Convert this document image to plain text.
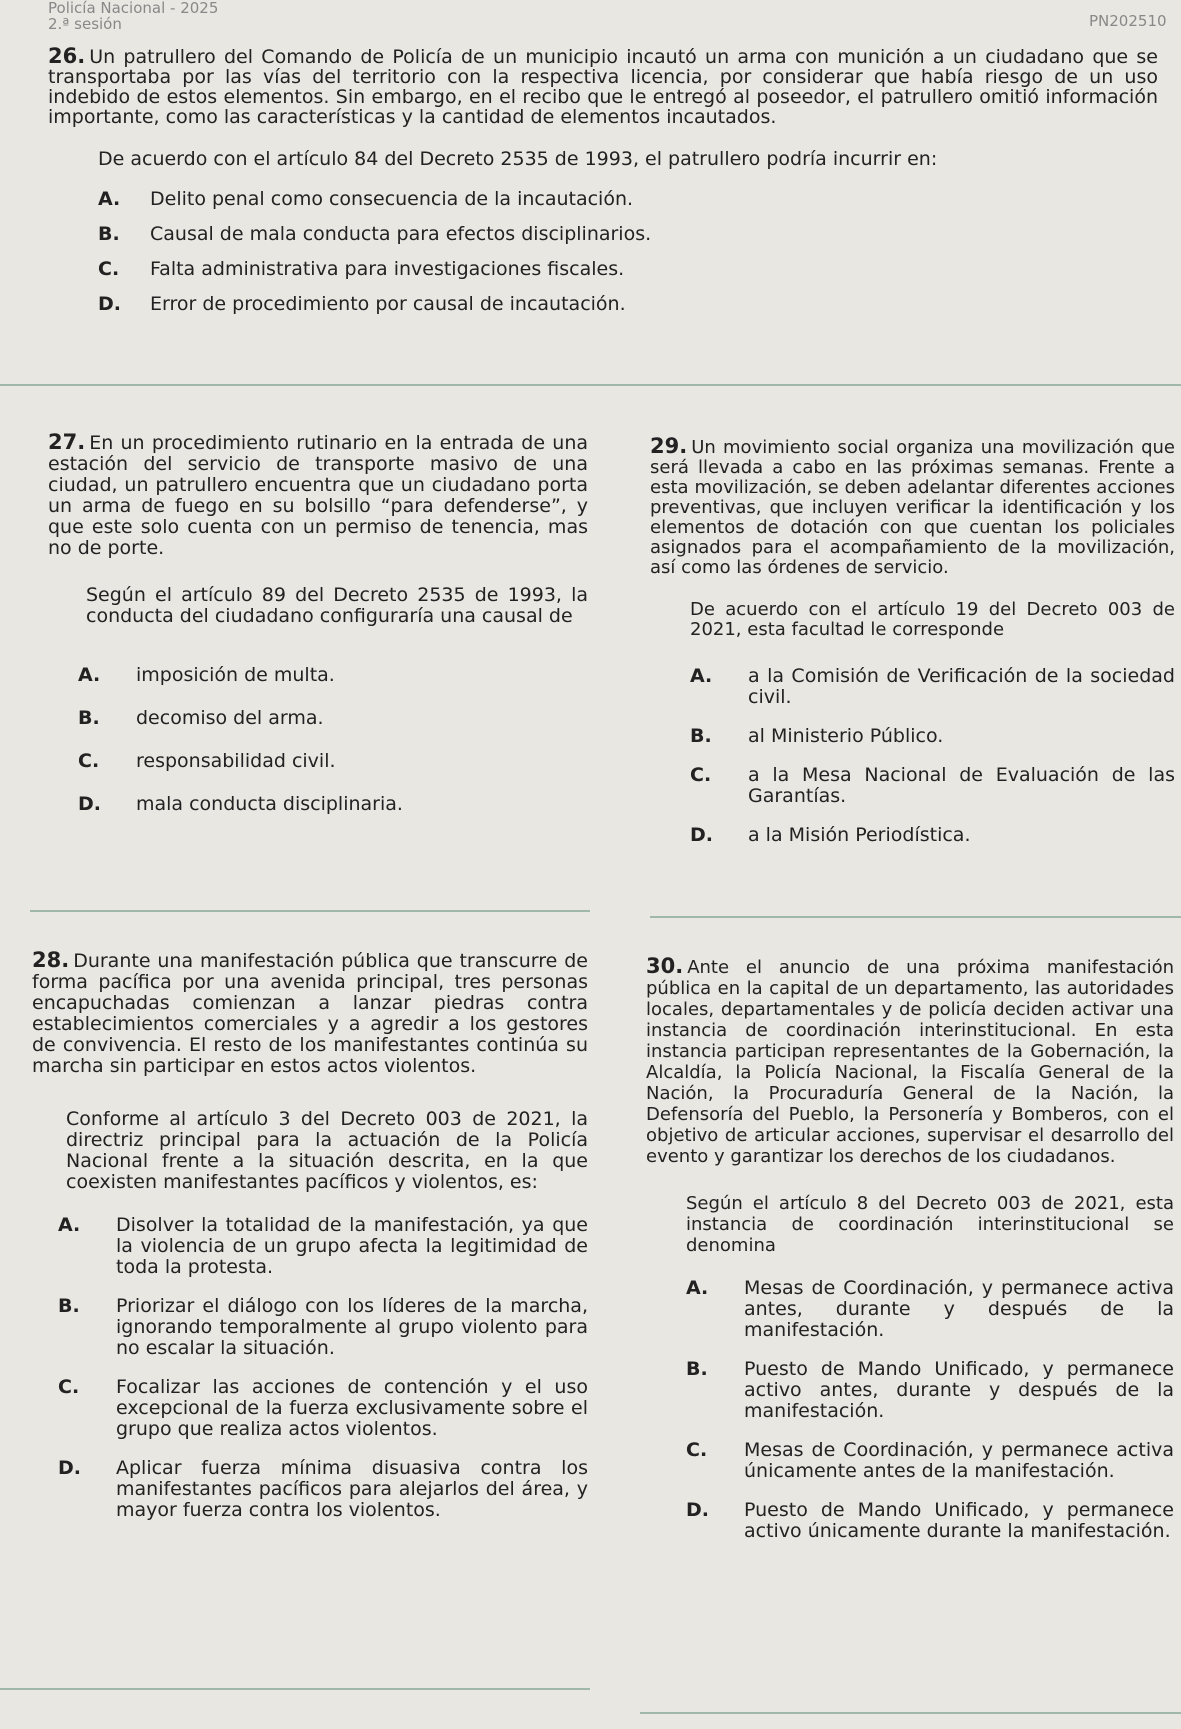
Policía Nacional - 2025
2.ª sesión	PN202510

26. Un patrullero del Comando de Policía de un municipio incautó un arma con munición a un ciudadano que se transportaba por las vías del territorio con la respectiva licencia, por considerar que había riesgo de un uso indebido de estos elementos. Sin embargo, en el recibo que le entregó al poseedor, el patrullero omitió información importante, como las características y la cantidad de elementos incautados.

De acuerdo con el artículo 84 del Decreto 2535 de 1993, el patrullero podría incurrir en:

A.	Delito penal como consecuencia de la incautación.
B.	Causal de mala conducta para efectos disciplinarios.
C.	Falta administrativa para investigaciones fiscales.
D.	Error de procedimiento por causal de incautación.

27. En un procedimiento rutinario en la entrada de una estación del servicio de transporte masivo de una ciudad, un patrullero encuentra que un ciudadano porta un arma de fuego en su bolsillo “para defenderse”, y que este solo cuenta con un permiso de tenencia, mas no de porte.

Según el artículo 89 del Decreto 2535 de 1993, la conducta del ciudadano configuraría una causal de

A.	imposición de multa.
B.	decomiso del arma.
C.	responsabilidad civil.
D.	mala conducta disciplinaria.

29. Un movimiento social organiza una movilización que será llevada a cabo en las próximas semanas. Frente a esta movilización, se deben adelantar diferentes acciones preventivas, que incluyen verificar la identificación y los elementos de dotación con que cuentan los policiales asignados para el acompañamiento de la movilización, así como las órdenes de servicio.

De acuerdo con el artículo 19 del Decreto 003 de 2021, esta facultad le corresponde

A.	a la Comisión de Verificación de la sociedad civil.
B.	al Ministerio Público.
C.	a la Mesa Nacional de Evaluación de las Garantías.
D.	a la Misión Periodística.

28. Durante una manifestación pública que transcurre de forma pacífica por una avenida principal, tres personas encapuchadas comienzan a lanzar piedras contra establecimientos comerciales y a agredir a los gestores de convivencia. El resto de los manifestantes continúa su marcha sin participar en estos actos violentos.

Conforme al artículo 3 del Decreto 003 de 2021, la directriz principal para la actuación de la Policía Nacional frente a la situación descrita, en la que coexisten manifestantes pacíficos y violentos, es:

A.	Disolver la totalidad de la manifestación, ya que la violencia de un grupo afecta la legitimidad de toda la protesta.
B.	Priorizar el diálogo con los líderes de la marcha, ignorando temporalmente al grupo violento para no escalar la situación.
C.	Focalizar las acciones de contención y el uso excepcional de la fuerza exclusivamente sobre el grupo que realiza actos violentos.
D.	Aplicar fuerza mínima disuasiva contra los manifestantes pacíficos para alejarlos del área, y mayor fuerza contra los violentos.

30. Ante el anuncio de una próxima manifestación pública en la capital de un departamento, las autoridades locales, departamentales y de policía deciden activar una instancia de coordinación interinstitucional. En esta instancia participan representantes de la Gobernación, la Alcaldía, la Policía Nacional, la Fiscalía General de la Nación, la Procuraduría General de la Nación, la Defensoría del Pueblo, la Personería y Bomberos, con el objetivo de articular acciones, supervisar el desarrollo del evento y garantizar los derechos de los ciudadanos.

Según el artículo 8 del Decreto 003 de 2021, esta instancia de coordinación interinstitucional se denomina

A.	Mesas de Coordinación, y permanece activa antes, durante y después de la manifestación.
B.	Puesto de Mando Unificado, y permanece activo antes, durante y después de la manifestación.
C.	Mesas de Coordinación, y permanece activa únicamente antes de la manifestación.
D.	Puesto de Mando Unificado, y permanece activo únicamente durante la manifestación.
